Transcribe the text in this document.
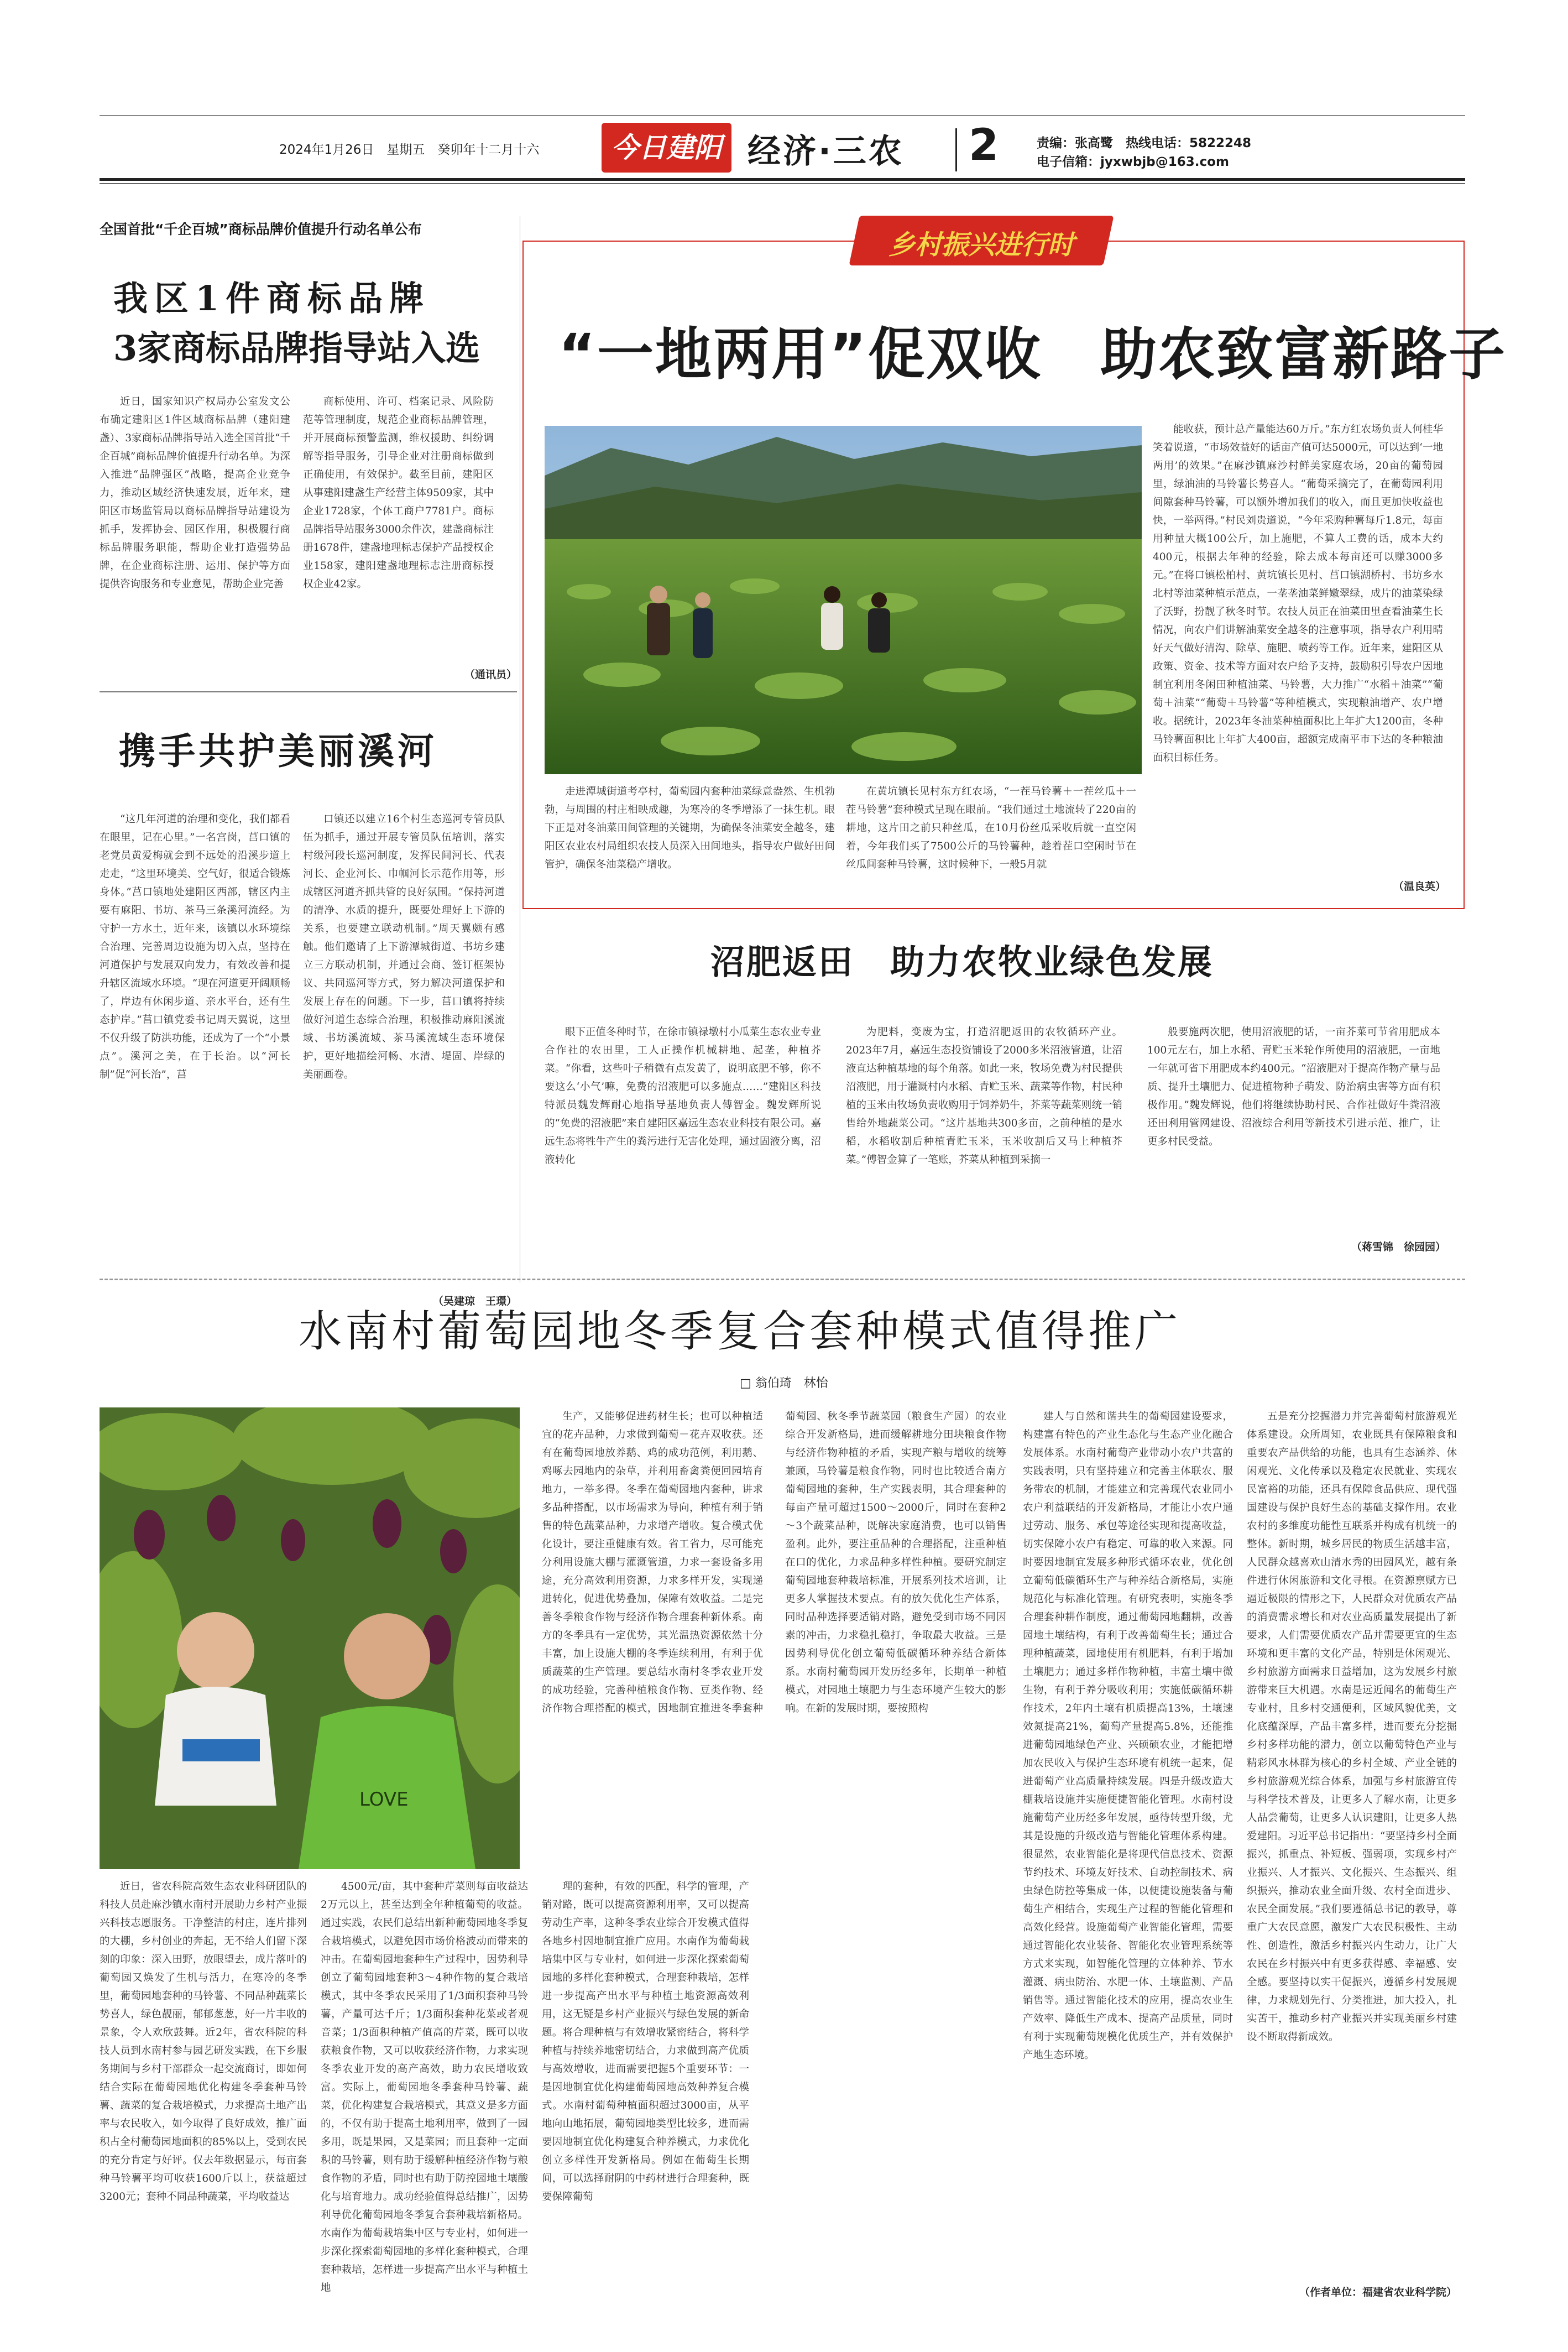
2024年1月26日　星期五　癸卯年十二月十六	今日建阳 经济·三农 2	责编：张高鹭　热线电话：5822248
电子信箱：jyxwbjb@163.com
全国首批“千企百城”商标品牌价值提升行动名单公布
我区1件商标品牌
3家商标品牌指导站入选

近日，国家知识产权局办公室发文公布确定建阳区1件区域商标品牌（建阳建盏）、3家商标品牌指导站入选全国首批“千企百城”商标品牌价值提升行动名单。为深入推进“品牌强区”战略，提高企业竞争力，推动区域经济快速发展，近年来，建阳区市场监管局以商标品牌指导站建设为抓手，发挥协会、园区作用，积极履行商标品牌服务职能，帮助企业打造强势品牌，在企业商标注册、运用、保护等方面提供咨询服务和专业意见，帮助企业完善

商标使用、许可、档案记录、风险防范等管理制度，规范企业商标品牌管理，并开展商标预警监测，维权援助、纠纷调解等指导服务，引导企业对注册商标做到正确使用，有效保护。截至目前，建阳区从事建阳建盏生产经营主体9509家，其中企业1728家，个体工商户7781户。商标品牌指导站服务3000余件次，建盏商标注册1678件，建盏地理标志保护产品授权企业158家，建阳建盏地理标志注册商标授权企业42家。

（通讯员）
携手共护美丽溪河

“这几年河道的治理和变化，我们都看在眼里，记在心里。”一名宫岗，莒口镇的老党员黄爱梅就会到不远处的沿溪步道上走走，“这里环境美、空气好，很适合锻炼身体。”莒口镇地处建阳区西部，辖区内主要有麻阳、书坊、茶马三条溪河流经。为守护一方水土，近年来，该镇以水环境综合治理、完善周边设施为切入点，坚持在河道保护与发展双向发力，有效改善和提升辖区流域水环境。“现在河道更开阔顺畅了，岸边有休闲步道、亲水平台，还有生态护岸。”莒口镇党委书记周天翼说，这里不仅升级了防洪功能，还成为了一个“小景点”。溪河之美，在于长治。以“河长制”促“河长治”，莒

口镇还以建立16个村生态巡河专管员队伍为抓手，通过开展专管员队伍培训，落实村级河段长巡河制度，发挥民间河长、代表河长、企业河长、巾帼河长示范作用等，形成辖区河道齐抓共管的良好氛围。“保持河道的清净、水质的提升，既要处理好上下游的关系，也要建立联动机制。”周天翼颇有感触。他们邀请了上下游潭城街道、书坊乡建立三方联动机制，并通过会商、签订框架协议、共同巡河等方式，努力解决河道保护和发展上存在的问题。下一步，莒口镇将持续做好河道生态综合治理，积极推动麻阳溪流域、书坊溪流域、茶马溪流域生态环境保护，更好地描绘河畅、水清、堤固、岸绿的美丽画卷。

（吴建琼　王璟）
乡村振兴进行时
“一地两用”促双收　助农致富新路子

走进潭城街道考亭村，葡萄园内套种油菜绿意盎然、生机勃勃，与周围的村庄相映成趣，为寒冷的冬季增添了一抹生机。眼下正是对冬油菜田间管理的关键期，为确保冬油菜安全越冬，建阳区农业农村局组织农技人员深入田间地头，指导农户做好田间管护，确保冬油菜稳产增收。

在黄坑镇长见村东方红农场，“一茬马铃薯＋一茬丝瓜＋一茬马铃薯”套种模式呈现在眼前。“我们通过土地流转了220亩的耕地，这片田之前只种丝瓜，在10月份丝瓜采收后就一直空闲着，今年我们买了7500公斤的马铃薯种，趁着茬口空闲时节在丝瓜间套种马铃薯，这时候种下，一般5月就

能收获，预计总产量能达60万斤。”东方红农场负责人何桂华笑着说道，“市场效益好的话亩产值可达5000元，可以达到‘一地两用’的效果。”在麻沙镇麻沙村鲜美家庭农场，20亩的葡萄园里，绿油油的马铃薯长势喜人。“葡萄采摘完了，在葡萄园利用间隙套种马铃薯，可以额外增加我们的收入，而且更加快收益也快，一举两得。”村民刘贵道说，“今年采购种薯每斤1.8元，每亩用种量大概100公斤，加上施肥，不算人工费的话，成本大约400元，根据去年种的经验，除去成本每亩还可以赚3000多元。”在将口镇松柏村、黄坑镇长见村、莒口镇湖桥村、书坊乡水北村等油菜种植示范点，一垄垄油菜鲜嫩翠绿，成片的油菜染绿了沃野，扮靓了秋冬时节。农技人员正在油菜田里查看油菜生长情况，向农户们讲解油菜安全越冬的注意事项，指导农户利用晴好天气做好清沟、除草、施肥、喷药等工作。近年来，建阳区从政策、资金、技术等方面对农户给予支持，鼓励积引导农户因地制宜利用冬闲田种植油菜、马铃薯，大力推广“水稻＋油菜”“葡萄＋油菜”“葡萄＋马铃薯”等种植模式，实现粮油增产、农户增收。据统计，2023年冬油菜种植面积比上年扩大1200亩，冬种马铃薯面积比上年扩大400亩，超额完成南平市下达的冬种粮油面积目标任务。

（温良英）
沼肥返田　助力农牧业绿色发展

眼下正值冬种时节，在徐市镇禄墩村小瓜菜生态农业专业合作社的农田里，工人正操作机械耕地、起垄，种植芥菜。“你看，这些叶子稍微有点发黄了，说明底肥不够，你不要这么‘小气’嘛，免费的沼液肥可以多施点……”建阳区科技特派员魏发辉耐心地指导基地负责人傅智金。魏发辉所说的“免费的沼液肥”来自建阳区嘉远生态农业科技有限公司。嘉远生态将牲牛产生的粪污进行无害化处理，通过固液分离，沼液转化

为肥料，变废为宝，打造沼肥返田的农牧循环产业。2023年7月，嘉远生态投资铺设了2000多米沼液管道，让沼液直达种植基地的每个角落。如此一来，牧场免费为村民提供沼液肥，用于灌溉村内水稻、青贮玉米、蔬菜等作物，村民种植的玉米由牧场负责收购用于饲养奶牛，芥菜等蔬菜则统一销售给外地蔬菜公司。“这片基地共300多亩，之前种植的是水稻，水稻收割后种植青贮玉米，玉米收割后又马上种植芥菜。”傅智金算了一笔账，芥菜从种植到采摘一

般要施两次肥，使用沼液肥的话，一亩芥菜可节省用肥成本100元左右，加上水稻、青贮玉米轮作所使用的沼液肥，一亩地一年就可省下用肥成本约400元。“沼液肥对于提高作物产量与品质、提升土壤肥力、促进植物种子萌发、防治病虫害等方面有积极作用。”魏发辉说，他们将继续协助村民、合作社做好牛粪沼液还田利用管网建设、沼液综合利用等新技术引进示范、推广，让更多村民受益。

（蒋雪锦　徐园园）
水南村葡萄园地冬季复合套种模式值得推广
□ 翁伯琦　林怡
LOVE

近日，省农科院高效生态农业科研团队的科技人员赴麻沙镇水南村开展助力乡村产业振兴科技志愿服务。干净整洁的村庄，连片排列的大棚，乡村创业的奔起，无不给人们留下深刻的印象：深入田野，放眼望去，成片落叶的葡萄园又焕发了生机与活力，在寒冷的冬季里，葡萄园地套种的马铃薯、不同品种蔬菜长势喜人，绿色靓丽，郁郁葱葱，好一片丰收的景象，令人欢欣鼓舞。近2年，省农科院的科技人员到水南村参与园艺研发实践，在下乡服务期间与乡村干部群众一起交流商讨，即如何结合实际在葡萄园地优化构建冬季套种马铃薯、蔬菜的复合栽培模式，力求提高土地产出率与农民收入，如今取得了良好成效，推广面积占全村葡萄园地面积的85%以上，受到农民的充分肯定与好评。仅去年数据显示，每亩套种马铃薯平均可收获1600斤以上，获益超过3200元；套种不同品种蔬菜，平均收益达

4500元/亩，其中套种芹菜则每亩收益达2万元以上，甚至达到全年种植葡萄的收益。通过实践，农民们总结出新种葡萄园地冬季复合栽培模式，以避免因市场价格波动而带来的冲击。在葡萄园地套种生产过程中，因势利导创立了葡萄园地套种3～4种作物的复合栽培模式，其中冬季农民采用了1/3面积套种马铃薯，产量可达千斤；1/3面积套种花菜或者观音菜；1/3面积种植产值高的芹菜，既可以收获粮食作物，又可以收获经济作物，力求实现冬季农业开发的高产高效，助力农民增收致富。实际上，葡萄园地冬季套种马铃薯、蔬菜，优化构建复合栽培模式，其意义是多方面的，不仅有助于提高土地利用率，做到了一园多用，既是果园，又是菜园；而且套种一定面积的马铃薯，则有助于缓解种植经济作物与粮食作物的矛盾，同时也有助于防控园地土壤酸化与培育地力。成功经验值得总结推广，因势利导优化葡萄园地冬季复合套种栽培新格局。水南作为葡萄栽培集中区与专业村，如何进一步深化探索葡萄园地的多样化套种模式，合理套种栽培，怎样进一步提高产出水平与种植土地

理的套种，有效的匹配，科学的管理，产销对路，既可以提高资源利用率，又可以提高劳动生产率，这种冬季农业综合开发模式值得各地乡村因地制宜推广应用。水南作为葡萄栽培集中区与专业村，如何进一步深化探索葡萄园地的多样化套种模式，合理套种栽培，怎样进一步提高产出水平与种植土地资源高效利用，这无疑是乡村产业振兴与绿色发展的新命题。将合理种植与有效增收紧密结合，将科学种植与持续养地密切结合，力求做到高产优质与高效增收，进而需要把握5个重要环节：一是因地制宜优化构建葡萄园地高效种养复合模式。水南村葡萄种植面积超过3000亩，从平地向山地拓展，葡萄园地类型比较多，进而需要因地制宜优化构建复合种养模式，力求优化创立多样性开发新格局。例如在葡萄生长期间，可以选择耐阴的中药材进行合理套种，既要保障葡萄

生产，又能够促进药材生长；也可以种植适宜的花卉品种，力求做到葡萄－花卉双收获。还有在葡萄园地放养鹅、鸡的成功范例，利用鹅、鸡啄去园地内的杂草，并利用畜禽粪便回园培育地力，一举多得。冬季在葡萄园地内套种，讲求多品种搭配，以市场需求为导向，种植有利于销售的特色蔬菜品种，力求增产增收。复合模式优化设计，要注重健康有效。省工省力，尽可能充分利用设施大棚与灌溉管道，力求一套设备多用途，充分高效利用资源，力求多样开发，实现递进转化，促进优势叠加，保障有效收益。二是完善冬季粮食作物与经济作物合理套种新体系。南方的冬季具有一定优势，其光温热资源依然十分丰富，加上设施大棚的冬季连续利用，有利于优质蔬菜的生产管理。要总结水南村冬季农业开发的成功经验，完善种植粮食作物、豆类作物、经济作物合理搭配的模式，因地制宜推进冬季套种葡萄园、秋冬季节蔬菜园（粮食生产园）的农业综合开发新格局，进而缓解耕地分田块粮食作物与经济作物种植的矛盾，实现产粮与增收的统筹兼顾，马铃薯是粮食作物，同时也比较适合南方葡萄园地的套种，生产实践表明，其合理套种的每亩产量可超过1500～2000斤，同时在套种2～3个蔬菜品种，既解决家庭消费，也可以销售盈利。此外，要注重品种的合理搭配，注重种植在口的优化，力求品种多样性种植。要研究制定葡萄园地套种栽培标准，开展系列技术培训，让更多人掌握技术要点。有的放矢优化生产体系，同时品种选择要适销对路，避免受到市场不同因素的冲击，力求稳扎稳打，争取最大收益。三是因势利导优化创立葡萄低碳循环种养结合新体系。水南村葡萄园开发历经多年，长期单一种植模式，对园地土壤肥力与生态环境产生较大的影响。在新的发展时期，要按照构

建人与自然和谐共生的葡萄园建设要求，构建富有特色的产业生态化与生态产业化融合发展体系。水南村葡萄产业带动小农户共富的实践表明，只有坚持建立和完善主体联农、服务带农的机制，才能建立和完善现代农业同小农户利益联结的开发新格局，才能让小农户通过劳动、服务、承包等途径实现和提高收益，切实保障小农户有稳定、可靠的收入来源。同时要因地制宜发展多种形式循环农业，优化创立葡萄低碳循环生产与种养结合新格局，实施规范化与标准化管理。有研究表明，实施冬季合理套种耕作制度，通过葡萄园地翻耕，改善园地土壤结构，有利于改善葡萄生长；通过合理种植蔬菜，园地使用有机肥料，有利于增加土壤肥力；通过多样作物种植，丰富土壤中微生物，有利于养分吸收利用；实施低碳循环耕作技术，2年内土壤有机质提高13%，土壤速效氮提高21%，葡萄产量提高5.8%，还能推进葡萄园地绿色产业、兴硕硕农业，才能把增加农民收入与保护生态环境有机统一起来，促进葡萄产业高质量持续发展。四是升级改造大棚栽培设施并实施便捷智能化管理。水南村设施葡萄产业历经多年发展，亟待转型升级，尤其是设施的升级改造与智能化管理体系构建。很显然，农业智能化是将现代信息技术、资源节约技术、环境友好技术、自动控制技术、病虫绿色防控等集成一体，以便捷设施装备与葡萄生产相结合，实现生产过程的智能化管理和高效化经营。设施葡萄产业智能化管理，需要通过智能化农业装备、智能化农业管理系统等方式来实现，如智能化管理的立体种养、节水灌溉、病虫防治、水肥一体、土壤监测、产品销售等。通过智能化技术的应用，提高农业生产效率、降低生产成本、提高产品质量，同时有利于实现葡萄规模化优质生产，并有效保护产地生态环境。

五是充分挖掘潜力并完善葡萄村旅游观光体系建设。众所周知，农业既具有保障粮食和重要农产品供给的功能，也具有生态涵养、休闲观光、文化传承以及稳定农民就业、实现农民富裕的功能，还具有保障食品供应、现代强国建设与保护良好生态的基础支撑作用。农业农村的多维度功能性互联系并构成有机统一的整体。新时期，城乡居民的物质生活越丰富，人民群众越喜欢山清水秀的田园风光，越有条件进行休闲旅游和文化寻根。在资源禀赋方已逼近极限的情形之下，人民群众对优质农产品的消费需求增长和对农业高质量发展提出了新要求，人们需要优质农产品并需要更宜的生态环境和更丰富的文化产品，特别是休闲观光、乡村旅游方面需求日益增加，这为发展乡村旅游带来巨大机遇。水南是远近闻名的葡萄生产专业村，且乡村交通便利，区域风貌优美，文化底蕴深厚，产品丰富多样，进而要充分挖掘乡村多样功能的潜力，创立以葡萄特色产业与精彩风水林群为核心的乡村全域、产业全链的乡村旅游观光综合体系，加强与乡村旅游宜传与科学技术普及，让更多人了解水南，让更多人品尝葡萄，让更多人认识建阳，让更多人热爱建阳。习近平总书记指出：“要坚持乡村全面振兴，抓重点、补短板、强弱项，实现乡村产业振兴、人才振兴、文化振兴、生态振兴、组织振兴，推动农业全面升级、农村全面进步、农民全面发展。”我们要遵循总书记的教导，尊重广大农民意愿，激发广大农民积极性、主动性、创造性，激活乡村振兴内生动力，让广大农民在乡村振兴中有更多获得感、幸福感、安全感。要坚持以实干促振兴，遵循乡村发展规律，力求规划先行、分类推进，加大投入，扎实苦干，推动乡村产业振兴并实现美丽乡村建设不断取得新成效。

（作者单位：福建省农业科学院）
